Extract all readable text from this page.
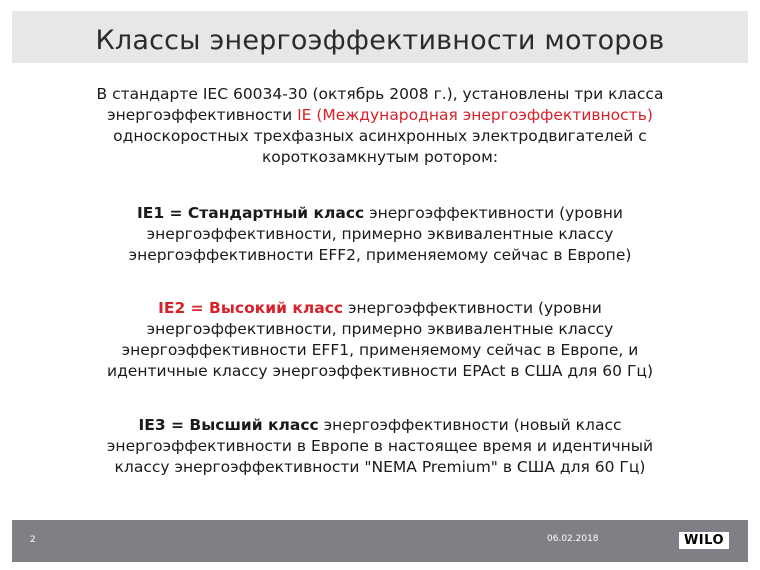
Классы энергоэффективности моторов
В стандарте IEC 60034-30 (октябрь 2008 г.), установлены три класса
энергоэффективности IE (Международная энергоэффективность)
односкоростных трехфазных асинхронных электродвигателей с
короткозамкнутым ротором:
IE1 = Стандартный класс энергоэффективности (уровни
энергоэффективности, примерно эквивалентные классу
энергоэффективности EFF2, применяемому сейчас в Европе)
IE2 = Высокий класс энергоэффективности (уровни
энергоэффективности, примерно эквивалентные классу
энергоэффективности EFF1, применяемому сейчас в Европе, и
идентичные классу энергоэффективности EPAct в США для 60 Гц)
IE3 = Высший класс энергоэффективности (новый класс
энергоэффективности в Европе в настоящее время и идентичный
классу энергоэффективности "NEMA Premium" в США для 60 Гц)
2	06.02.2018	WILO
